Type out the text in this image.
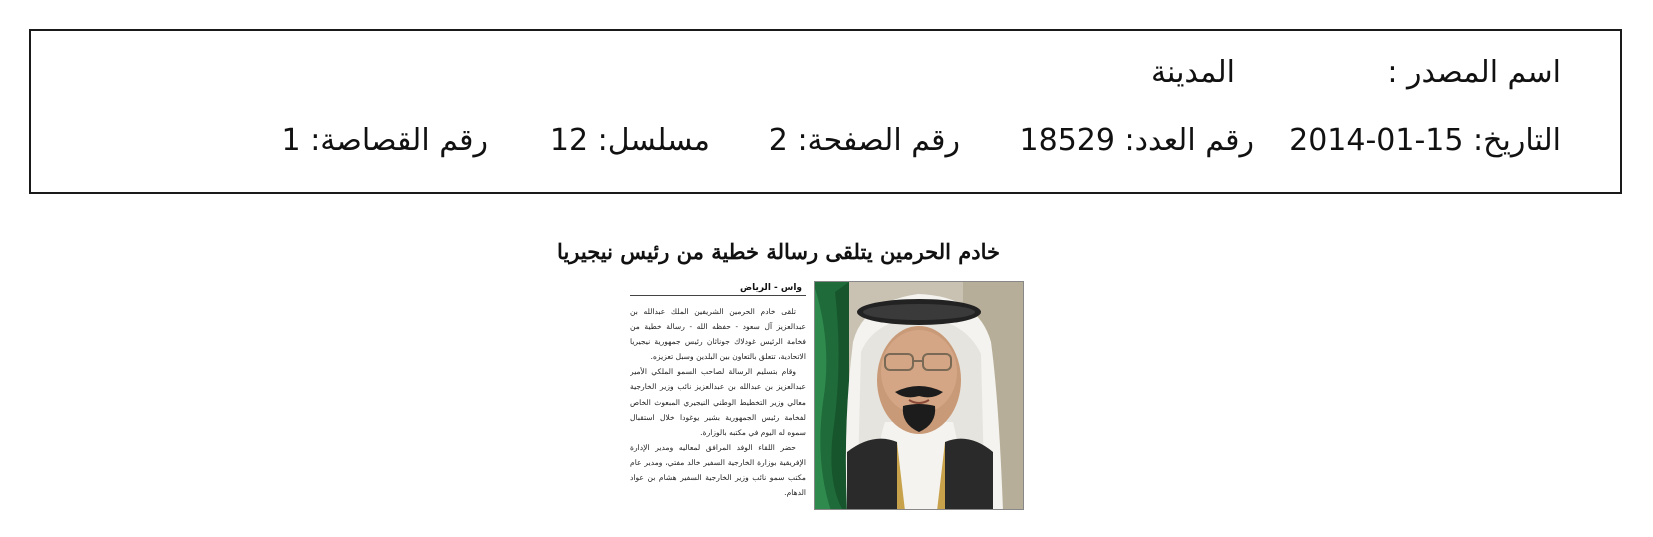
اسم المصدر :
المدينة
التاريخ: 2014-01-15
رقم العدد: 18529
رقم الصفحة: 2
مسلسل: 12
رقم القصاصة: 1
خادم الحرمين يتلقى رسالة خطية من رئيس نيجيريا
واس - الرياض

تلقى خادم الحرمين الشريفين الملك عبدالله بن عبدالعزيز آل سعود - حفظه الله - رسالة خطية من فخامة الرئيس غودلاك جوناثان رئيس جمهورية نيجيريا الاتحادية، تتعلق بالتعاون بين البلدين وسبل تعزيزه.

وقام بتسليم الرسالة لصاحب السمو الملكي الأمير عبدالعزيز بن عبدالله بن عبدالعزيز نائب وزير الخارجية معالي وزير التخطيط الوطني النيجيري المبعوث الخاص لفخامة رئيس الجمهورية بشير يوغودا خلال استقبال سموه له اليوم في مكتبه بالوزارة.

حضر اللقاء الوفد المرافق لمعاليه ومدير الإدارة الإفريقية بوزارة الخارجية السفير خالد مفتي، ومدير عام مكتب سمو نائب وزير الخارجية السفير هشام بن عواد الدهام.
